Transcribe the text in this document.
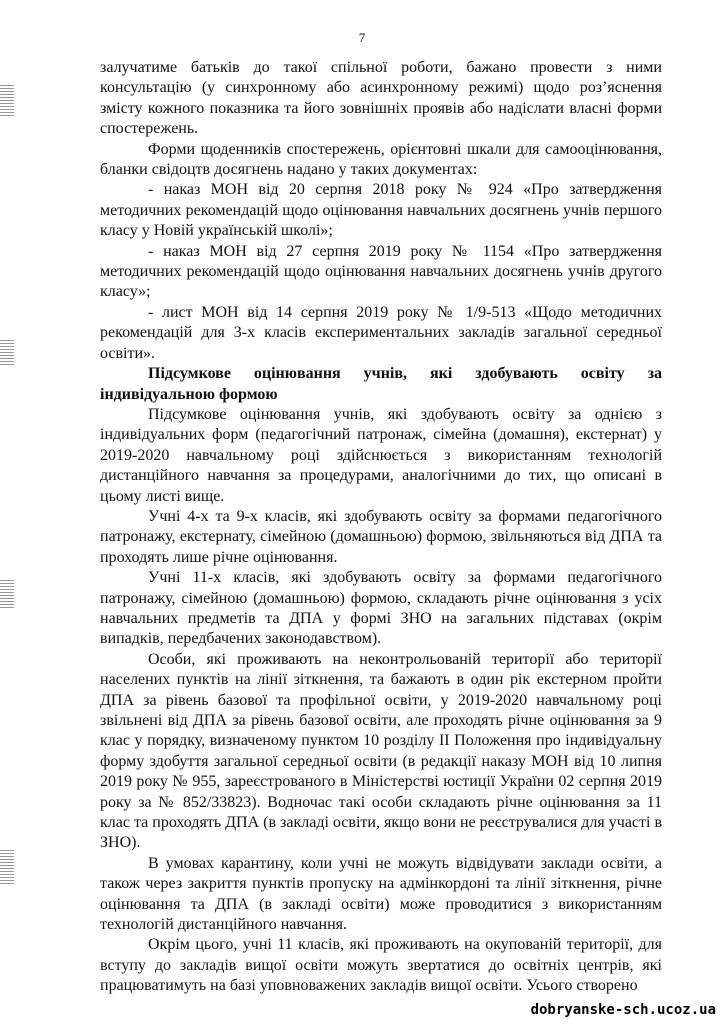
7

залучатиме батьків до такої спільної роботи, бажано провести з ними консультацію (у синхронному або асинхронному режимі) щодо роз’яснення змісту кожного показника та його зовнішніх проявів або надіслати власні форми спостережень.

Форми щоденників спостережень, орієнтовні шкали для самооцінювання, бланки свідоцтв досягнень надано у таких документах:

- наказ МОН від 20 серпня 2018 року № 924 «Про затвердження методичних рекомендацій щодо оцінювання навчальних досягнень учнів першого класу у Новій українській школі»;

- наказ МОН від 27 серпня 2019 року № 1154 «Про затвердження методичних рекомендацій щодо оцінювання навчальних досягнень учнів другого класу»;

- лист МОН від 14 серпня 2019 року № 1/9-513 «Щодо методичних рекомендацій для 3-х класів експериментальних закладів загальної середньої освіти».

Підсумкове оцінювання учнів, які здобувають освіту за індивідуальною формою

Підсумкове оцінювання учнів, які здобувають освіту за однією з індивідуальних форм (педагогічний патронаж, сімейна (домашня), екстернат) у 2019-2020 навчальному році здійснюється з використанням технологій дистанційного навчання за процедурами, аналогічними до тих, що описані в цьому листі вище.

Учні 4-х та 9-х класів, які здобувають освіту за формами педагогічного патронажу, екстернату, сімейною (домашньою) формою, звільняються від ДПА та проходять лише річне оцінювання.

Учні 11-х класів, які здобувають освіту за формами педагогічного патронажу, сімейною (домашньою) формою, складають річне оцінювання з усіх навчальних предметів та ДПА у формі ЗНО на загальних підставах (окрім випадків, передбачених законодавством).

Особи, які проживають на неконтрольованій території або території населених пунктів на лінії зіткнення, та бажають в один рік екстерном пройти ДПА за рівень базової та профільної освіти, у 2019-2020 навчальному році звільнені від ДПА за рівень базової освіти, але проходять річне оцінювання за 9 клас у порядку, визначеному пунктом 10 розділу II Положення про індивідуальну форму здобуття загальної середньої освіти (в редакції наказу МОН від 10 липня 2019 року № 955, зареєстрованого в Міністерстві юстиції України 02 серпня 2019 року за № 852/33823). Водночас такі особи складають річне оцінювання за 11 клас та проходять ДПА (в закладі освіти, якщо вони не реєструвалися для участі в ЗНО).

В умовах карантину, коли учні не можуть відвідувати заклади освіти, а також через закриття пунктів пропуску на адмінкордоні та лінії зіткнення, річне оцінювання та ДПА (в закладі освіти) може проводитися з використанням технологій дистанційного навчання.

Окрім цього, учні 11 класів, які проживають на окупованій території, для вступу до закладів вищої освіти можуть звертатися до освітніх центрів, які працюватимуть на базі уповноважених закладів вищої освіти. Усього створено

dobryanske-sch.ucoz.ua
